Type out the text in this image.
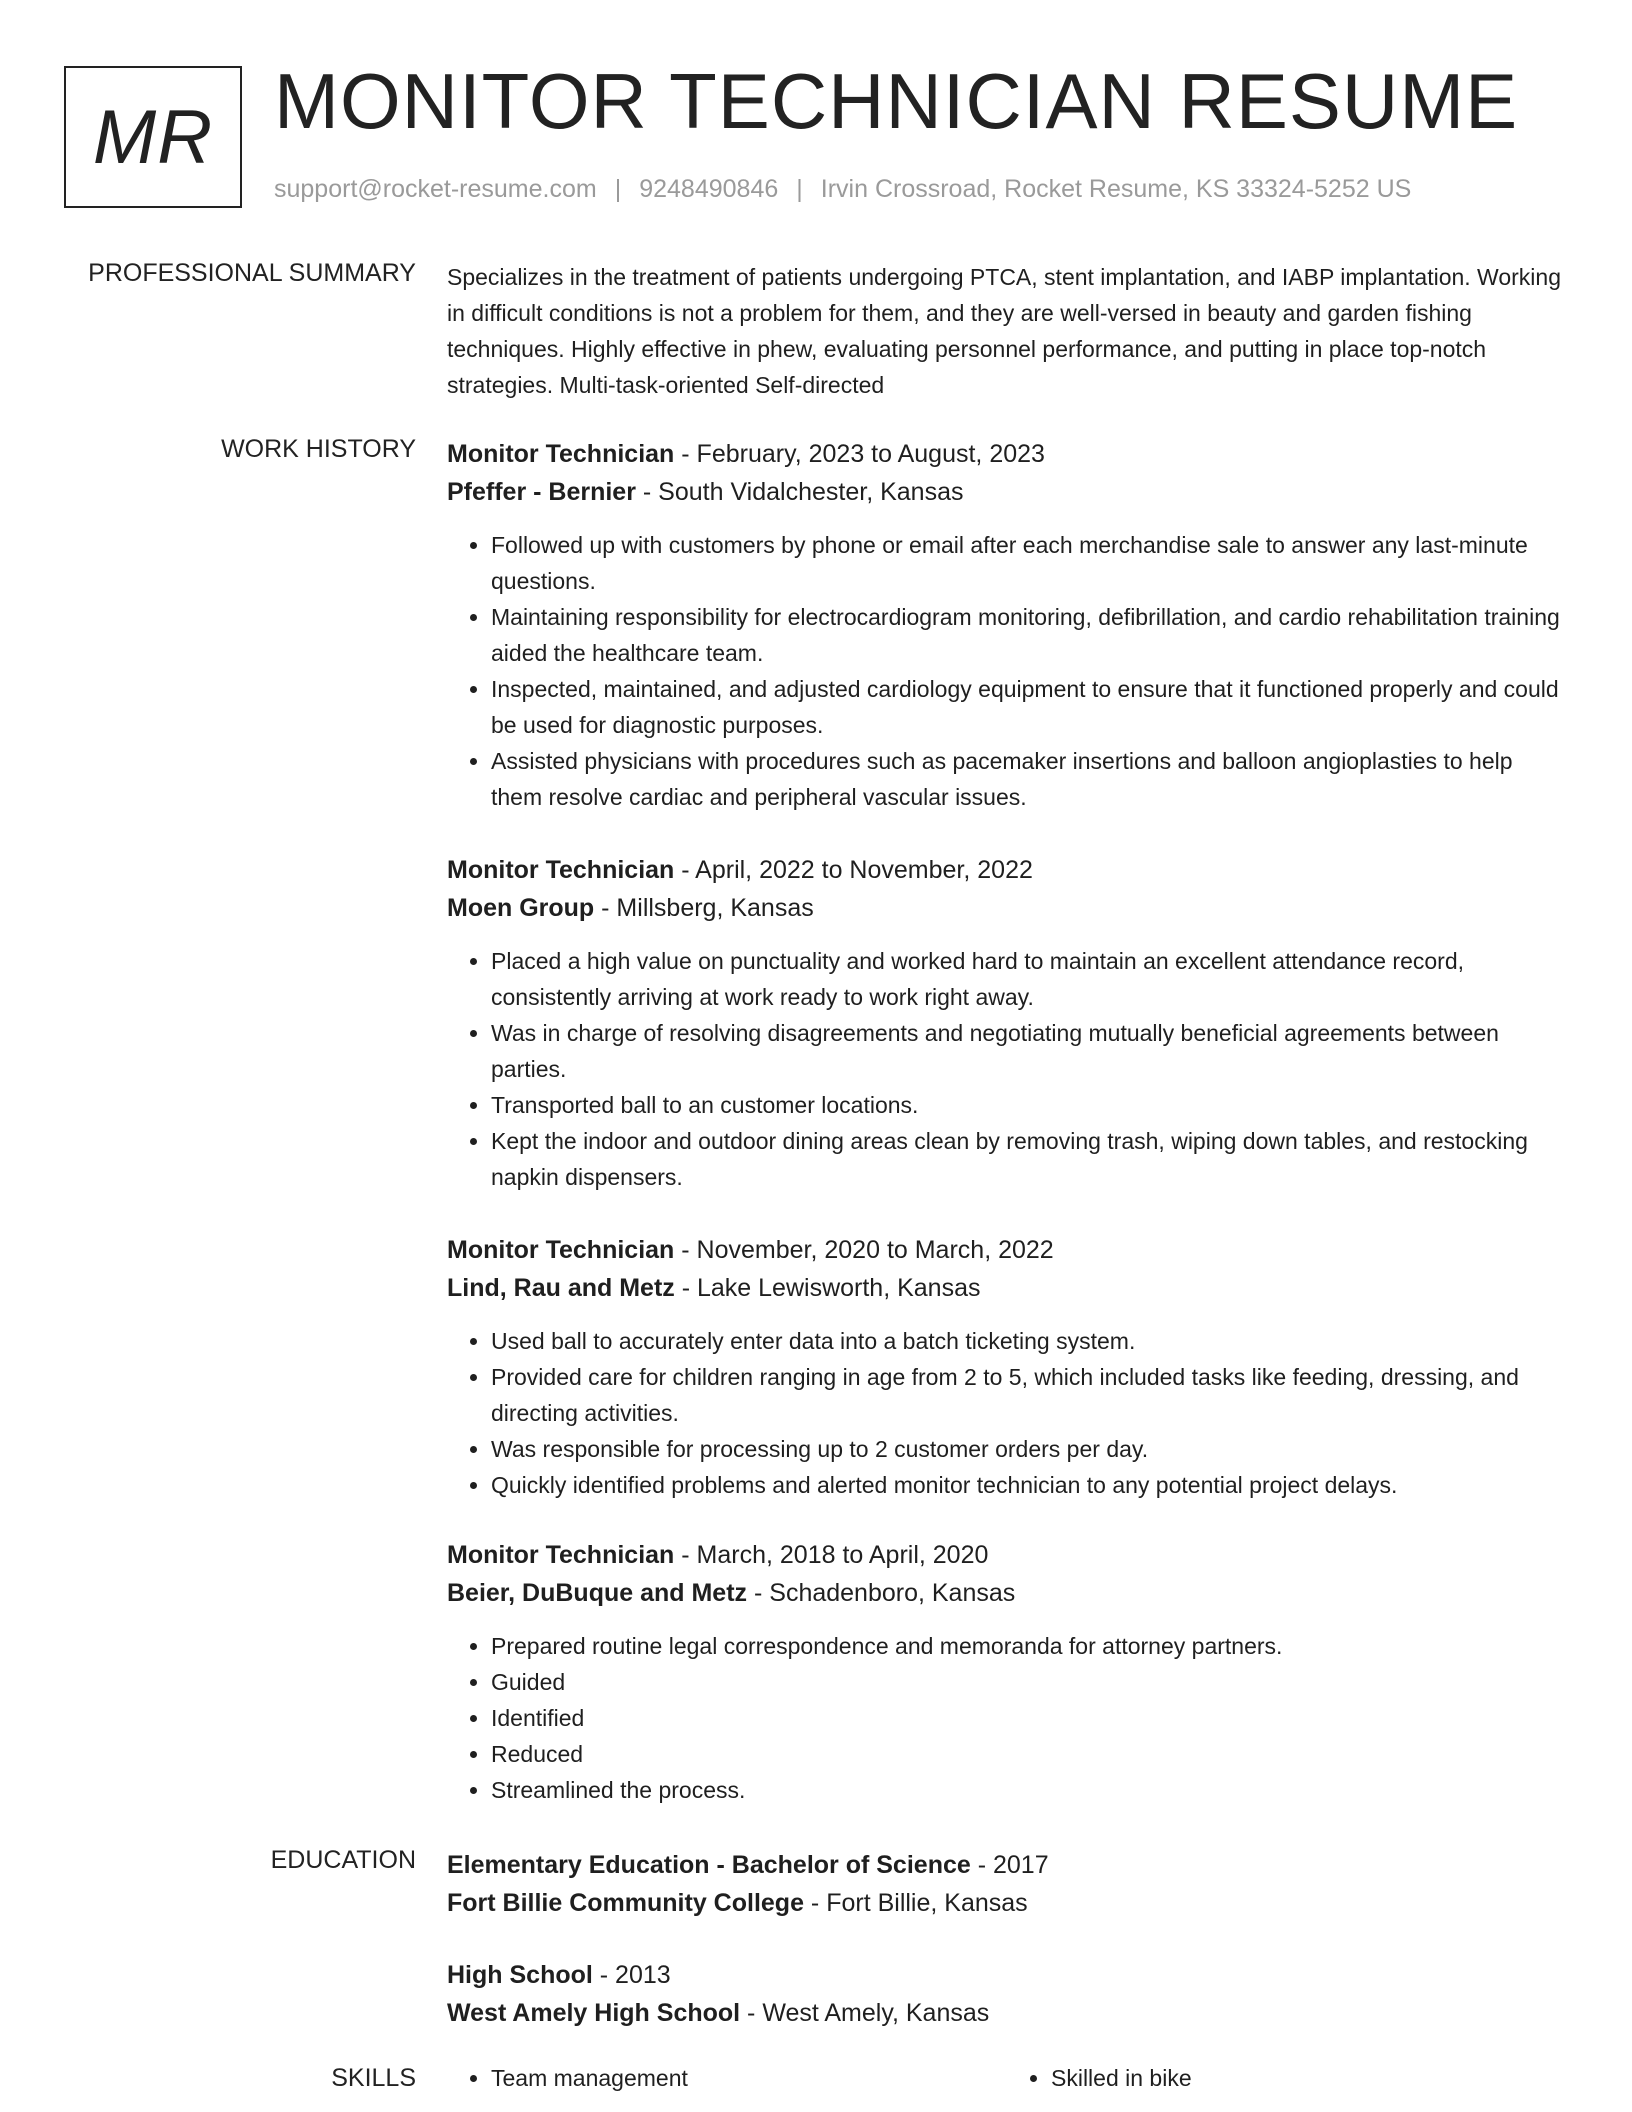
MR MONITOR TECHNICIAN RESUME
support@rocket-resume.com | 9248490846 | Irvin Crossroad, Rocket Resume, KS 33324-5252 US
PROFESSIONAL SUMMARY Specializes in the treatment of patients undergoing PTCA, stent implantation, and IABP implantation. Working in difficult conditions is not a problem for them, and they are well-versed in beauty and garden fishing techniques. Highly effective in phew, evaluating personnel performance, and putting in place top-notch strategies. Multi-task-oriented Self-directed
WORK HISTORY Monitor Technician - February, 2023 to August, 2023
Pfeffer - Bernier - South Vidalchester, Kansas
• Followed up with customers by phone or email after each merchandise sale to answer any last-minute questions.
• Maintaining responsibility for electrocardiogram monitoring, defibrillation, and cardio rehabilitation training aided the healthcare team.
• Inspected, maintained, and adjusted cardiology equipment to ensure that it functioned properly and could be used for diagnostic purposes.
• Assisted physicians with procedures such as pacemaker insertions and balloon angioplasties to help them resolve cardiac and peripheral vascular issues.
Monitor Technician - April, 2022 to November, 2022
Moen Group - Millsberg, Kansas
• Placed a high value on punctuality and worked hard to maintain an excellent attendance record, consistently arriving at work ready to work right away.
• Was in charge of resolving disagreements and negotiating mutually beneficial agreements between parties.
• Transported ball to an customer locations.
• Kept the indoor and outdoor dining areas clean by removing trash, wiping down tables, and restocking napkin dispensers.
Monitor Technician - November, 2020 to March, 2022
Lind, Rau and Metz - Lake Lewisworth, Kansas
• Used ball to accurately enter data into a batch ticketing system.
• Provided care for children ranging in age from 2 to 5, which included tasks like feeding, dressing, and directing activities.
• Was responsible for processing up to 2 customer orders per day.
• Quickly identified problems and alerted monitor technician to any potential project delays.
Monitor Technician - March, 2018 to April, 2020
Beier, DuBuque and Metz - Schadenboro, Kansas
• Prepared routine legal correspondence and memoranda for attorney partners.
• Guided
• Identified
• Reduced
• Streamlined the process.
EDUCATION Elementary Education - Bachelor of Science - 2017
Fort Billie Community College - Fort Billie, Kansas
High School - 2013
West Amely High School - West Amely, Kansas
SKILLS	• Team management	• Skilled in bike
